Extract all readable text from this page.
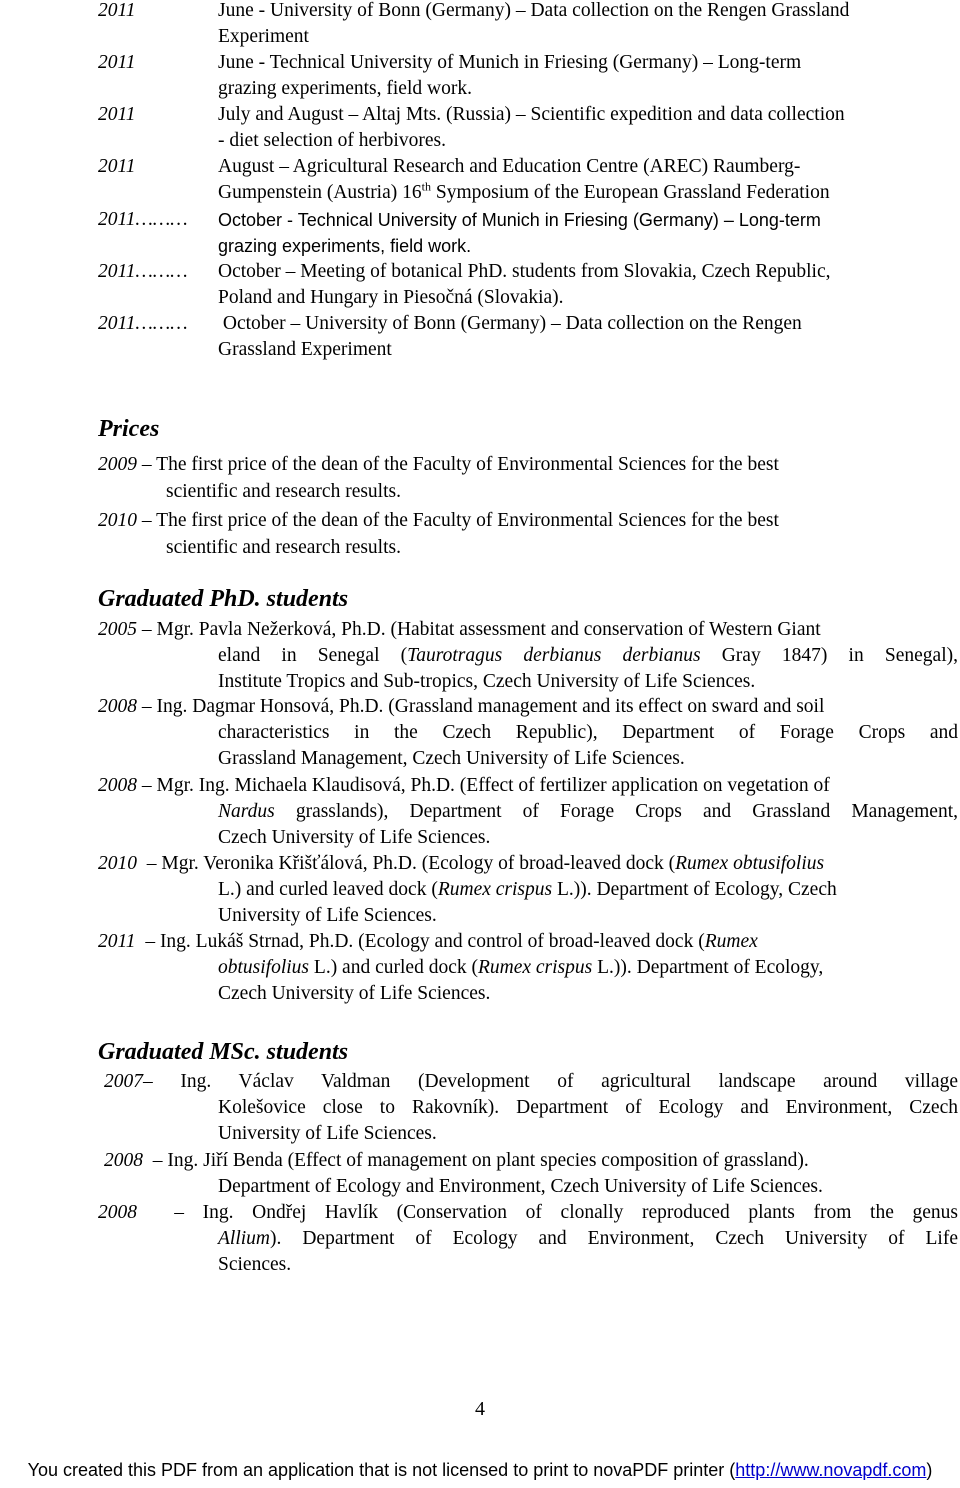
2011	June - University of Bonn (Germany) – Data collection on the Rengen Grassland
Experiment
2011	June - Technical University of Munich in Friesing (Germany) – Long-term
grazing experiments, field work.
2011	July and August – Altaj Mts. (Russia) – Scientific expedition and data collection
- diet selection of herbivores.
2011	August – Agricultural Research and Education Centre (AREC) Raumberg-
Gumpenstein (Austria) 16th Symposium of the European Grassland Federation
2011……… October - Technical University of Munich in Friesing (Germany) – Long-term
grazing experiments, field work.
2011……… October – Meeting of botanical PhD. students from Slovakia, Czech Republic,
Poland and Hungary in Piesočná (Slovakia).
2011……… October – University of Bonn (Germany) – Data collection on the Rengen
Grassland Experiment
Prices
2009 – The first price of the dean of the Faculty of Environmental Sciences for the best
scientific and research results.
2010 – The first price of the dean of the Faculty of Environmental Sciences for the best
scientific and research results.
Graduated PhD. students
2005 – Mgr. Pavla Nežerková, Ph.D. (Habitat assessment and conservation of Western Giant
eland in Senegal (Taurotragus derbianus derbianus Gray 1847) in Senegal),
Institute Tropics and Sub-tropics, Czech University of Life Sciences.
2008 – Ing. Dagmar Honsová, Ph.D. (Grassland management and its effect on sward and soil
characteristics in the Czech Republic), Department of Forage Crops and
Grassland Management, Czech University of Life Sciences.
2008 – Mgr. Ing. Michaela Klaudisová, Ph.D. (Effect of fertilizer application on vegetation of
Nardus grasslands), Department of Forage Crops and Grassland Management,
Czech University of Life Sciences.
2010  – Mgr. Veronika Křišťálová, Ph.D. (Ecology of broad-leaved dock (Rumex obtusifolius
L.) and curled leaved dock (Rumex crispus L.)). Department of Ecology, Czech
University of Life Sciences.
2011  – Ing. Lukáš Strnad, Ph.D. (Ecology and control of broad-leaved dock (Rumex
obtusifolius L.) and curled dock (Rumex crispus L.)). Department of Ecology,
Czech University of Life Sciences.
Graduated MSc. students
2007– Ing. Václav Valdman (Development of agricultural landscape around village
Kolešovice close to Rakovník). Department of Ecology and Environment, Czech
University of Life Sciences.
2008  – Ing. Jiří Benda (Effect of management on plant species composition of grassland).
Department of Ecology and Environment, Czech University of Life Sciences.
2008  – Ing. Ondřej Havlík (Conservation of clonally reproduced plants from the genus
Allium). Department of Ecology and Environment, Czech University of Life
Sciences.
4
You created this PDF from an application that is not licensed to print to novaPDF printer (http://www.novapdf.com)
